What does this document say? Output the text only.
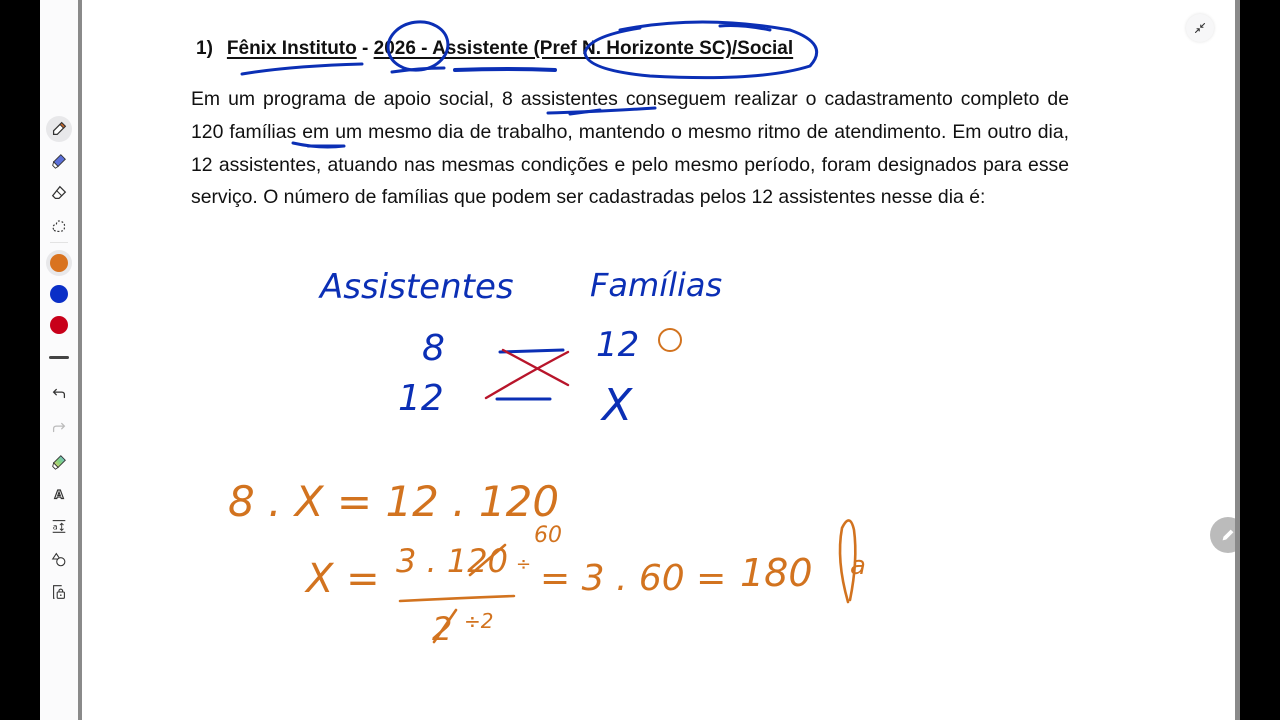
A
a
1) Fênix Instituto - 2026 - Assistente (Pref N. Horizonte SC)/Social
Em um programa de apoio social, 8 assistentes conseguem realizar o cadastramento completo de 120 famílias em um mesmo dia de trabalho, mantendo o mesmo ritmo de atendimento. Em outro dia, 12 assistentes, atuando nas mesmas condições e pelo mesmo período, foram designados para esse serviço. O número de famílias que podem ser cadastradas pelos 12 assistentes nesse dia é:
Assistentes Famílias
8	12
12	X
8 . X = 12 . 120
X = 3 . 120 ÷
60
2 ÷2
= 3 . 60 = 180 a
